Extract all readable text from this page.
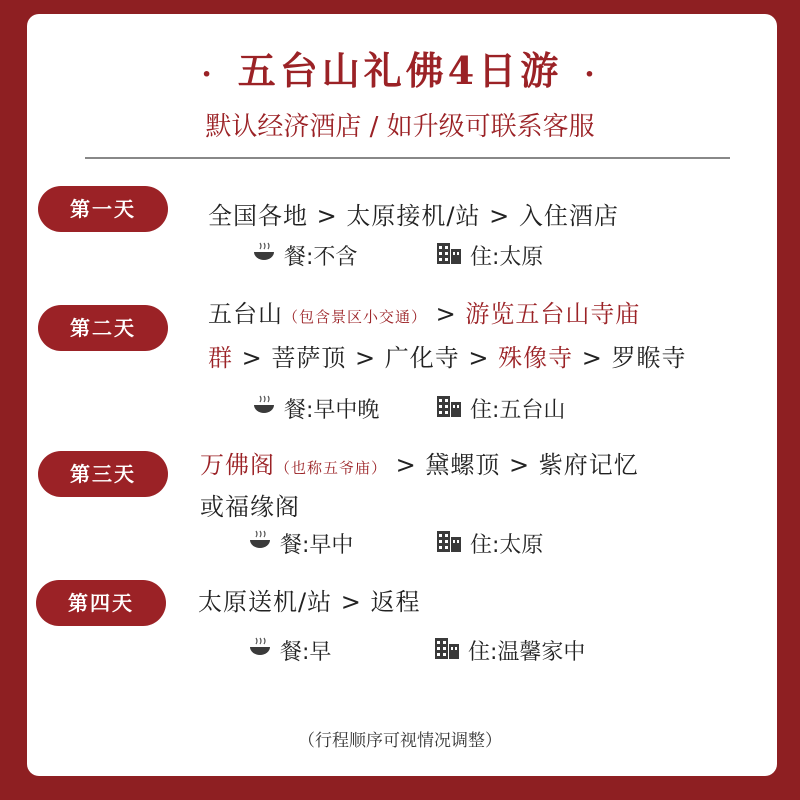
· 五台山礼佛4日游 ·
默认经济酒店 / 如升级可联系客服
第一天	全国各地 > 太原接机/站 > 入住酒店
餐:不含	住:太原
第二天	五台山（包含景区小交通） > 游览五台山寺庙
群 > 菩萨顶 > 广化寺 > 殊像寺 > 罗睺寺
餐:早中晚	住:五台山
第三天	万佛阁（也称五爷庙） > 黛螺顶 > 紫府记忆
或福缘阁
餐:早中	住:太原
第四天	太原送机/站 > 返程
餐:早	住:温馨家中
（行程顺序可视情况调整）
